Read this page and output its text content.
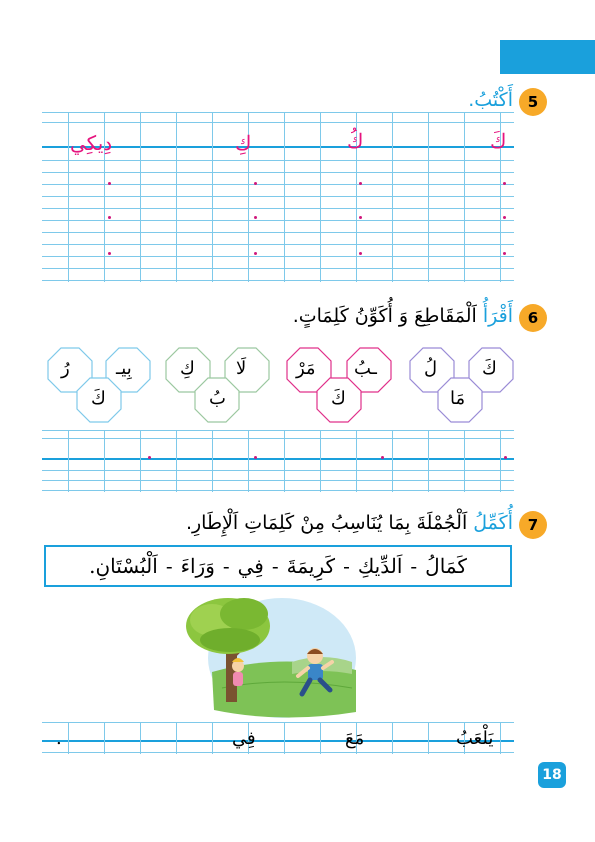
5
أَكْتُبُ.
كَ
كُ
كِ
دِيكِي
6
أَقْرَأُ اَلْمَقَاطِعَ وَ أُكَوِّنُ كَلِمَاتٍ.
كَ
لُ
مَا
ـبُ
مَرْ
كَ
لَا
كِ
بُ
بِيـ
رُ
كَ
7
أُكَمِّلُ اَلْجُمْلَةَ بِمَا يُنَاسِبُ مِنْ كَلِمَاتِ اَلْإِطَارِ.
كَمَالُ
-
اَلدِّيكِ
-
كَرِيمَةَ
-
فِي
-
وَرَاءَ
-
اَلْبُسْتَانِ.
يَلْعَبُ
مَعَ
فِي
.
18
